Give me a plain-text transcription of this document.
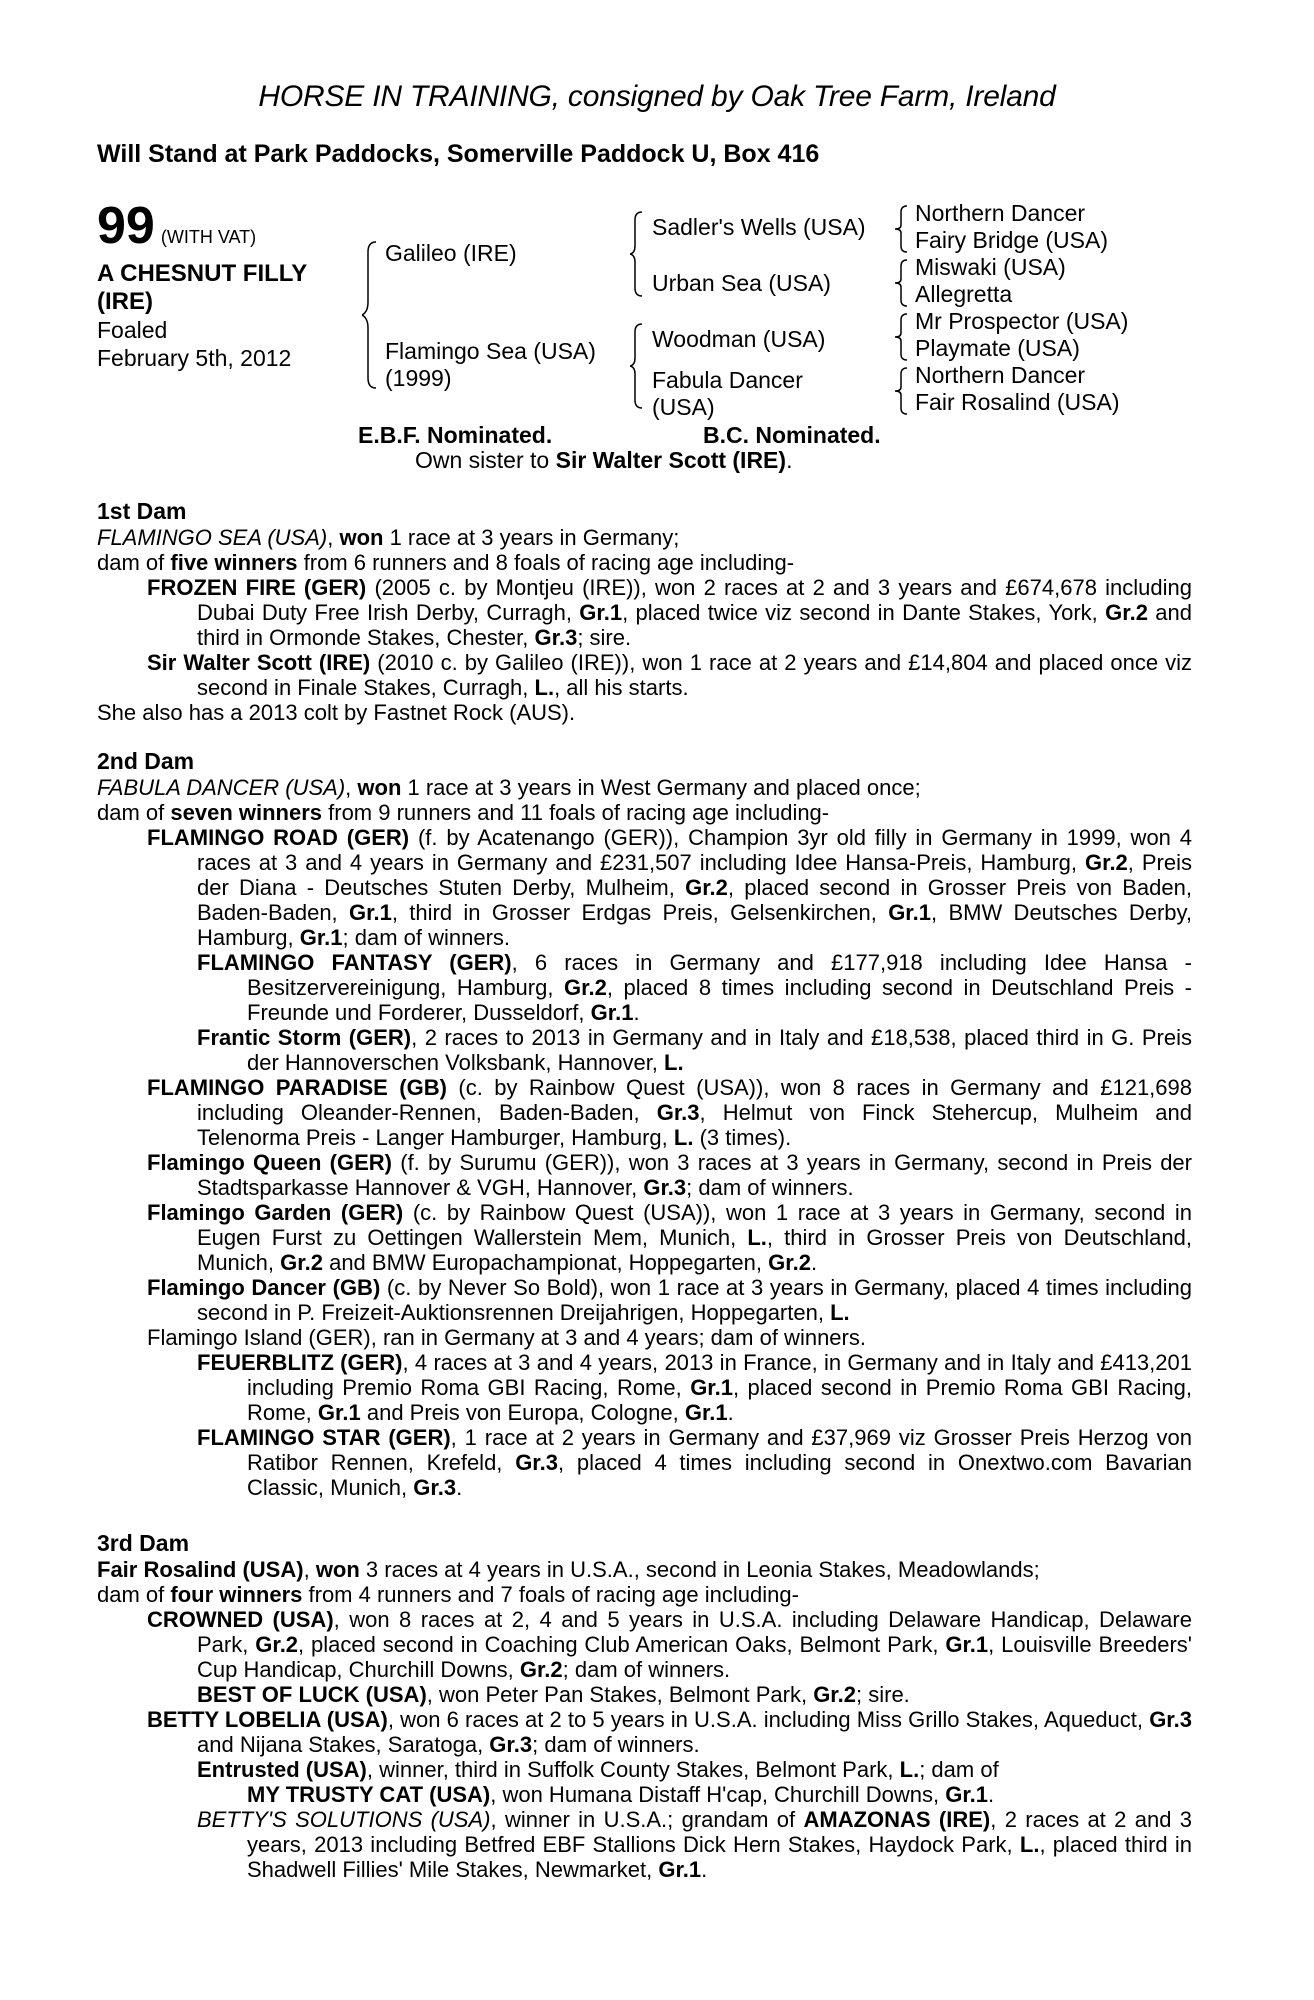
HORSE IN TRAINING, consigned by Oak Tree Farm, Ireland
Will Stand at Park Paddocks, Somerville Paddock U, Box 416
99 (WITH VAT)
A CHESNUT FILLY
(IRE)
Foaled
February 5th, 2012
Galileo (IRE)
Flamingo Sea (USA)
(1999)
Sadler's Wells (USA)
Urban Sea (USA)
Woodman (USA)
Fabula Dancer
(USA)
Northern Dancer
Fairy Bridge (USA)
Miswaki (USA)
Allegretta
Mr Prospector (USA)
Playmate (USA)
Northern Dancer
Fair Rosalind (USA)
E.B.F. Nominated.	B.C. Nominated.
Own sister to Sir Walter Scott (IRE).
1st Dam
FLAMINGO SEA (USA), won 1 race at 3 years in Germany;
dam of five winners from 6 runners and 8 foals of racing age including-
FROZEN FIRE (GER) (2005 c. by Montjeu (IRE)), won 2 races at 2 and 3 years and £674,678 including Dubai Duty Free Irish Derby, Curragh, Gr.1, placed twice viz second in Dante Stakes, York, Gr.2 and third in Ormonde Stakes, Chester, Gr.3; sire.
Sir Walter Scott (IRE) (2010 c. by Galileo (IRE)), won 1 race at 2 years and £14,804 and placed once viz second in Finale Stakes, Curragh, L., all his starts.
She also has a 2013 colt by Fastnet Rock (AUS).
2nd Dam
FABULA DANCER (USA), won 1 race at 3 years in West Germany and placed once;
dam of seven winners from 9 runners and 11 foals of racing age including-
FLAMINGO ROAD (GER) (f. by Acatenango (GER)), Champion 3yr old filly in Germany in 1999, won 4 races at 3 and 4 years in Germany and £231,507 including Idee Hansa-Preis, Hamburg, Gr.2, Preis der Diana - Deutsches Stuten Derby, Mulheim, Gr.2, placed second in Grosser Preis von Baden, Baden-Baden, Gr.1, third in Grosser Erdgas Preis, Gelsenkirchen, Gr.1, BMW Deutsches Derby, Hamburg, Gr.1; dam of winners.
FLAMINGO FANTASY (GER), 6 races in Germany and £177,918 including Idee Hansa - Besitzervereinigung, Hamburg, Gr.2, placed 8 times including second in Deutschland Preis - Freunde und Forderer, Dusseldorf, Gr.1.
Frantic Storm (GER), 2 races to 2013 in Germany and in Italy and £18,538, placed third in G. Preis der Hannoverschen Volksbank, Hannover, L.
FLAMINGO PARADISE (GB) (c. by Rainbow Quest (USA)), won 8 races in Germany and £121,698 including Oleander-Rennen, Baden-Baden, Gr.3, Helmut von Finck Stehercup, Mulheim and Telenorma Preis - Langer Hamburger, Hamburg, L. (3 times).
Flamingo Queen (GER) (f. by Surumu (GER)), won 3 races at 3 years in Germany, second in Preis der Stadtsparkasse Hannover & VGH, Hannover, Gr.3; dam of winners.
Flamingo Garden (GER) (c. by Rainbow Quest (USA)), won 1 race at 3 years in Germany, second in Eugen Furst zu Oettingen Wallerstein Mem, Munich, L., third in Grosser Preis von Deutschland, Munich, Gr.2 and BMW Europachampionat, Hoppegarten, Gr.2.
Flamingo Dancer (GB) (c. by Never So Bold), won 1 race at 3 years in Germany, placed 4 times including second in P. Freizeit-Auktionsrennen Dreijahrigen, Hoppegarten, L.
Flamingo Island (GER), ran in Germany at 3 and 4 years; dam of winners.
FEUERBLITZ (GER), 4 races at 3 and 4 years, 2013 in France, in Germany and in Italy and £413,201 including Premio Roma GBI Racing, Rome, Gr.1, placed second in Premio Roma GBI Racing, Rome, Gr.1 and Preis von Europa, Cologne, Gr.1.
FLAMINGO STAR (GER), 1 race at 2 years in Germany and £37,969 viz Grosser Preis Herzog von Ratibor Rennen, Krefeld, Gr.3, placed 4 times including second in Onextwo.com Bavarian Classic, Munich, Gr.3.
3rd Dam
Fair Rosalind (USA), won 3 races at 4 years in U.S.A., second in Leonia Stakes, Meadowlands;
dam of four winners from 4 runners and 7 foals of racing age including-
CROWNED (USA), won 8 races at 2, 4 and 5 years in U.S.A. including Delaware Handicap, Delaware Park, Gr.2, placed second in Coaching Club American Oaks, Belmont Park, Gr.1, Louisville Breeders' Cup Handicap, Churchill Downs, Gr.2; dam of winners.
BEST OF LUCK (USA), won Peter Pan Stakes, Belmont Park, Gr.2; sire.
BETTY LOBELIA (USA), won 6 races at 2 to 5 years in U.S.A. including Miss Grillo Stakes, Aqueduct, Gr.3 and Nijana Stakes, Saratoga, Gr.3; dam of winners.
Entrusted (USA), winner, third in Suffolk County Stakes, Belmont Park, L.; dam of
MY TRUSTY CAT (USA), won Humana Distaff H'cap, Churchill Downs, Gr.1.
BETTY'S SOLUTIONS (USA), winner in U.S.A.; grandam of AMAZONAS (IRE), 2 races at 2 and 3 years, 2013 including Betfred EBF Stallions Dick Hern Stakes, Haydock Park, L., placed third in Shadwell Fillies' Mile Stakes, Newmarket, Gr.1.
